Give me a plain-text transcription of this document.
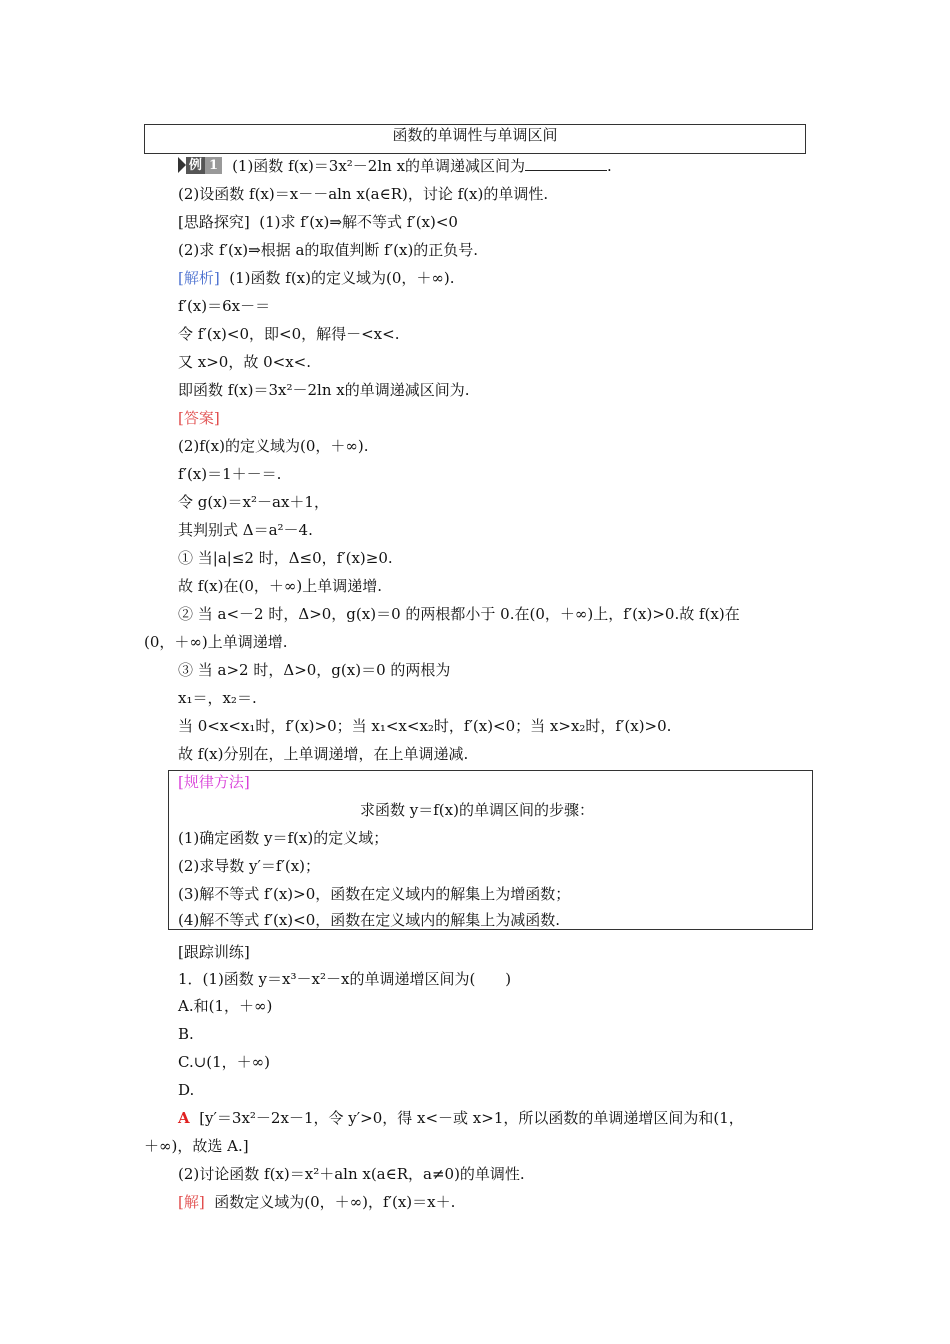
函数的单调性与单调区间
例 1 (1)函数 f(x)＝3x²－2ln x的单调递减区间为	.
(2)设函数 f(x)＝x－－aln x(a∈R)，讨论 f(x)的单调性.
[思路探究] (1)求 f′(x)⇒解不等式 f′(x)<0
(2)求 f′(x)⇒根据 a的取值判断 f′(x)的正负号.
[解析] (1)函数 f(x)的定义域为(0，＋∞).
f′(x)＝6x－＝
令 f′(x)<0，即<0，解得－<x<.
又 x>0，故 0<x<.
即函数 f(x)＝3x²－2ln x的单调递减区间为.
[答案]
(2)f(x)的定义域为(0，＋∞).
f′(x)＝1＋－＝.
令 g(x)＝x²－ax＋1，
其判别式 Δ＝a²－4.
① 当|a|≤2 时，Δ≤0，f′(x)≥0.
故 f(x)在(0，＋∞)上单调递增.
② 当 a<－2 时，Δ>0，g(x)＝0 的两根都小于 0.在(0，＋∞)上，f′(x)>0.故 f(x)在
(0，＋∞)上单调递增.
③ 当 a>2 时，Δ>0，g(x)＝0 的两根为
x₁＝，x₂＝.
当 0<x<x₁时，f′(x)>0；当 x₁<x<x₂时，f′(x)<0；当 x>x₂时，f′(x)>0.
故 f(x)分别在，上单调递增，在上单调递减.
[规律方法]
求函数 y＝f(x)的单调区间的步骤：
(1)确定函数 y＝f(x)的定义域；
(2)求导数 y′＝f′(x)；
(3)解不等式 f′(x)>0，函数在定义域内的解集上为增函数；
(4)解不等式 f′(x)<0，函数在定义域内的解集上为减函数.
[跟踪训练]
1．(1)函数 y＝x³－x²－x的单调递增区间为(　　)
A.和(1，＋∞)
B.
C.∪(1，＋∞)
D.
A [y′＝3x²－2x－1，令 y′>0，得 x<－或 x>1，所以函数的单调递增区间为和(1，
＋∞)，故选 A.]
(2)讨论函数 f(x)＝x²＋aln x(a∈R，a≠0)的单调性.
[解] 函数定义域为(0，＋∞)，f′(x)＝x＋.
